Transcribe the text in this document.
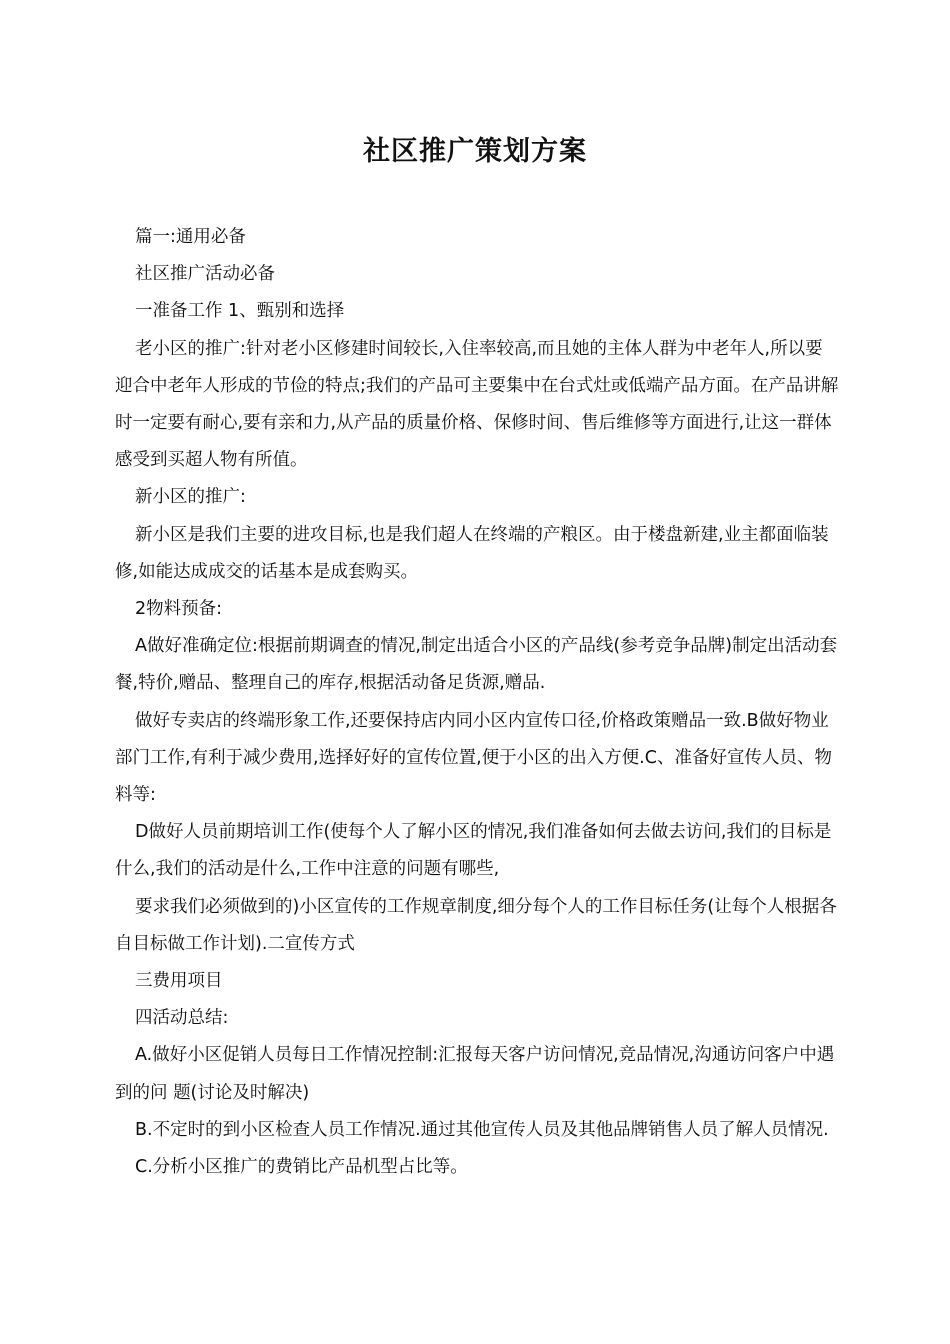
社区推广策划方案

篇一:通用必备

社区推广活动必备

一准备工作 1、甄别和选择

老小区的推广:针对老小区修建时间较长,入住率较高,而且她的主体人群为中老年人,所以要迎合中老年人形成的节俭的特点;我们的产品可主要集中在台式灶或低端产品方面。在产品讲解时一定要有耐心,要有亲和力,从产品的质量价格、保修时间、售后维修等方面进行,让这一群体感受到买超人物有所值。

新小区的推广:

新小区是我们主要的进攻目标,也是我们超人在终端的产粮区。由于楼盘新建,业主都面临装修,如能达成成交的话基本是成套购买。

2物料预备:

A做好准确定位:根据前期调查的情况,制定出适合小区的产品线(参考竞争品牌)制定出活动套餐,特价,赠品、整理自己的库存,根据活动备足货源,赠品.

做好专卖店的终端形象工作,还要保持店内同小区内宣传口径,价格政策赠品一致.B做好物业部门工作,有利于减少费用,选择好好的宣传位置,便于小区的出入方便.C、准备好宣传人员、物料等:

D做好人员前期培训工作(使每个人了解小区的情况,我们准备如何去做去访问,我们的目标是什么,我们的活动是什么,工作中注意的问题有哪些,

要求我们必须做到的)小区宣传的工作规章制度,细分每个人的工作目标任务(让每个人根据各自目标做工作计划).二宣传方式

三费用项目

四活动总结:

A.做好小区促销人员每日工作情况控制:汇报每天客户访问情况,竞品情况,沟通访问客户中遇到的问 题(讨论及时解决)

B.不定时的到小区检查人员工作情况.通过其他宣传人员及其他品牌销售人员了解人员情况.

C.分析小区推广的费销比产品机型占比等。
